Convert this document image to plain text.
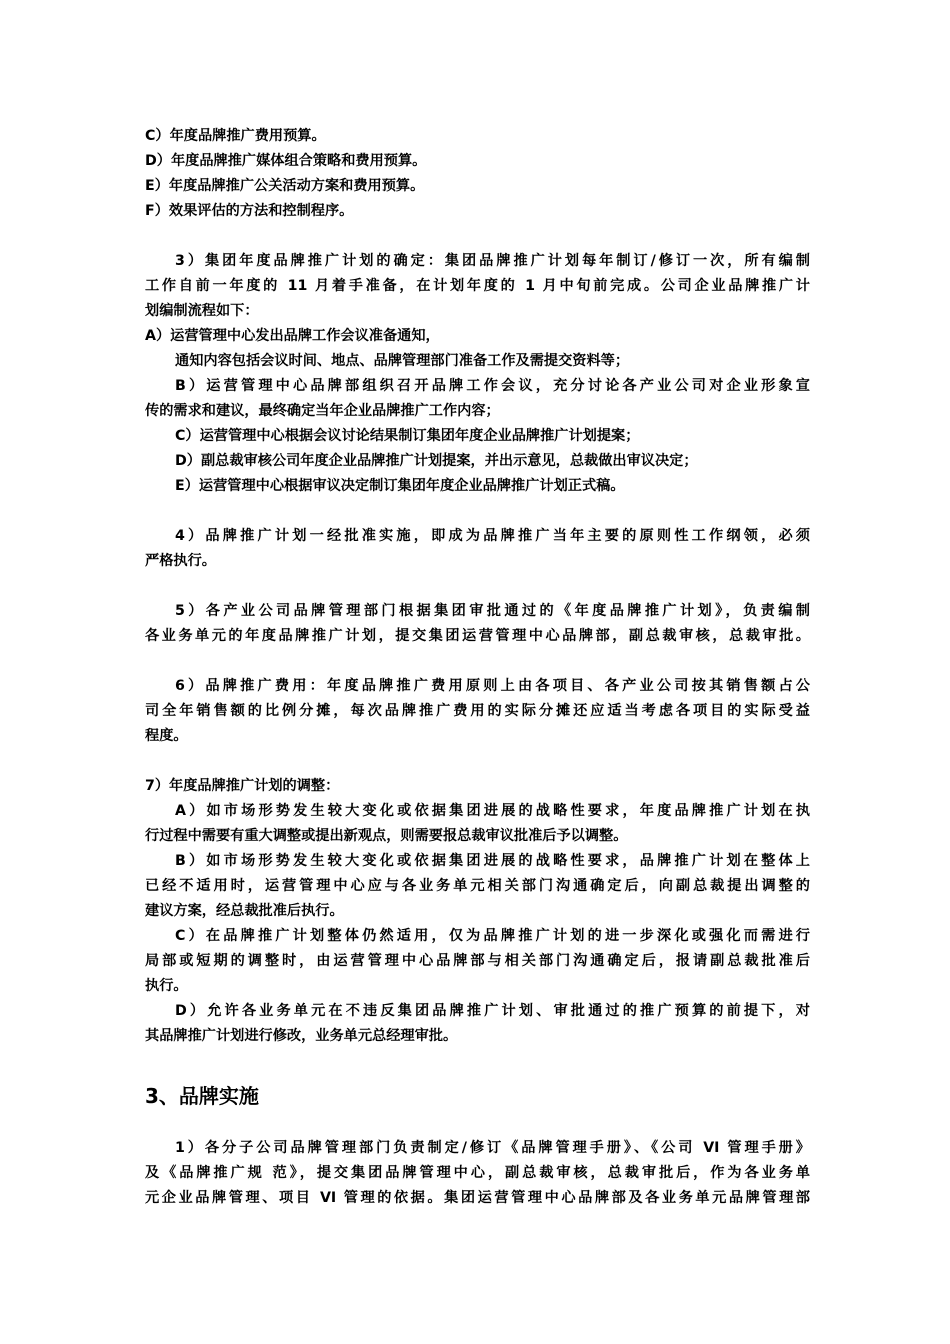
C）年度品牌推广费用预算。
D）年度品牌推广媒体组合策略和费用预算。
E）年度品牌推广公关活动方案和费用预算。
F）效果评估的方法和控制程序。
3）集团年度品牌推广计划的确定：集团品牌推广计划每年制订/修订一次，所有编制
工作自前一年度的 11 月着手准备，在计划年度的 1 月中旬前完成。公司企业品牌推广计
划编制流程如下：
A）运营管理中心发出品牌工作会议准备通知，
通知内容包括会议时间、地点、品牌管理部门准备工作及需提交资料等；
B）运营管理中心品牌部组织召开品牌工作会议，充分讨论各产业公司对企业形象宣
传的需求和建议，最终确定当年企业品牌推广工作内容；
C）运营管理中心根据会议讨论结果制订集团年度企业品牌推广计划提案；
D）副总裁审核公司年度企业品牌推广计划提案，并出示意见，总裁做出审议决定；
E）运营管理中心根据审议决定制订集团年度企业品牌推广计划正式稿。
4）品牌推广计划一经批准实施，即成为品牌推广当年主要的原则性工作纲领，必须
严格执行。
5）各产业公司品牌管理部门根据集团审批通过的《年度品牌推广计划》，负责编制
各业务单元的年度品牌推广计划，提交集团运营管理中心品牌部，副总裁审核，总裁审批。
6）品牌推广费用：年度品牌推广费用原则上由各项目、各产业公司按其销售额占公
司全年销售额的比例分摊，每次品牌推广费用的实际分摊还应适当考虑各项目的实际受益
程度。
7）年度品牌推广计划的调整：
A）如市场形势发生较大变化或依据集团进展的战略性要求，年度品牌推广计划在执
行过程中需要有重大调整或提出新观点，则需要报总裁审议批准后予以调整。
B）如市场形势发生较大变化或依据集团进展的战略性要求，品牌推广计划在整体上
已经不适用时，运营管理中心应与各业务单元相关部门沟通确定后，向副总裁提出调整的
建议方案，经总裁批准后执行。
C）在品牌推广计划整体仍然适用，仅为品牌推广计划的进一步深化或强化而需进行
局部或短期的调整时，由运营管理中心品牌部与相关部门沟通确定后，报请副总裁批准后
执行。
D）允许各业务单元在不违反集团品牌推广计划、审批通过的推广预算的前提下，对
其品牌推广计划进行修改，业务单元总经理审批。
3、品牌实施
1）各分子公司品牌管理部门负责制定/修订《品牌管理手册》、《公司 VI 管理手册》
及《品牌推广规 范》，提交集团品牌管理中心，副总裁审核，总裁审批后，作为各业务单
元企业品牌管理、项目 VI 管理的依据。集团运营管理中心品牌部及各业务单元品牌管理部
